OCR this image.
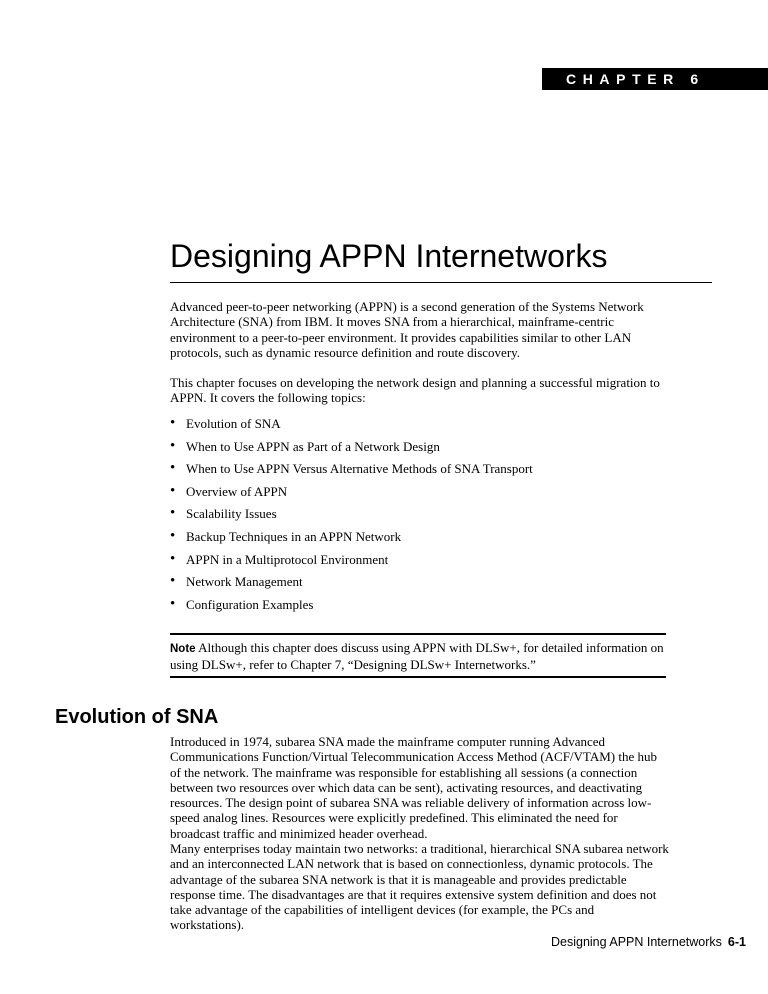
CHAPTER 6
Designing APPN Internetworks

Advanced peer-to-peer networking (APPN) is a second generation of the Systems Network Architecture (SNA) from IBM. It moves SNA from a hierarchical, mainframe-centric environment to a peer-to-peer environment. It provides capabilities similar to other LAN protocols, such as dynamic resource definition and route discovery.

This chapter focuses on developing the network design and planning a successful migration to APPN. It covers the following topics:

• Evolution of SNA
• When to Use APPN as Part of a Network Design
• When to Use APPN Versus Alternative Methods of SNA Transport
• Overview of APPN
• Scalability Issues
• Backup Techniques in an APPN Network
• APPN in a Multiprotocol Environment
• Network Management
• Configuration Examples
Note Although this chapter does discuss using APPN with DLSw+, for detailed information on using DLSw+, refer to Chapter 7, “Designing DLSw+ Internetworks.”
Evolution of SNA

Introduced in 1974, subarea SNA made the mainframe computer running Advanced Communications Function/Virtual Telecommunication Access Method (ACF/VTAM) the hub of the network. The mainframe was responsible for establishing all sessions (a connection between two resources over which data can be sent), activating resources, and deactivating resources. The design point of subarea SNA was reliable delivery of information across low-speed analog lines. Resources were explicitly predefined. This eliminated the need for broadcast traffic and minimized header overhead.

Many enterprises today maintain two networks: a traditional, hierarchical SNA subarea network and an interconnected LAN network that is based on connectionless, dynamic protocols. The advantage of the subarea SNA network is that it is manageable and provides predictable response time. The disadvantages are that it requires extensive system definition and does not take advantage of the capabilities of intelligent devices (for example, the PCs and workstations).

Designing APPN Internetworks 6-1
